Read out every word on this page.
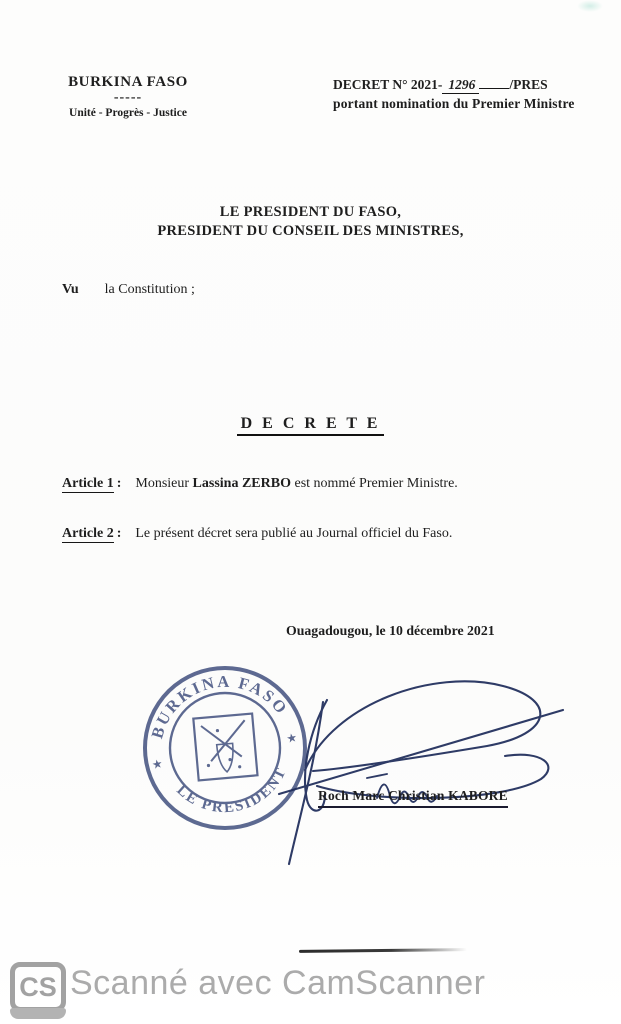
BURKINA FASO
-----
Unité - Progrès - Justice
DECRET N° 2021- 1296	/PRES
portant nomination du Premier Ministre
LE PRESIDENT DU FASO,
PRESIDENT DU CONSEIL DES MINISTRES,
Vu la Constitution ;
D E C R E T E
Article 1 : Monsieur Lassina ZERBO est nommé Premier Ministre.
Article 2 : Le présent décret sera publié au Journal officiel du Faso.
Ouagadougou, le 10 décembre 2021
BURKINA FASO
LE PRESIDENT
★
★
Roch Marc Christian KABORE
CS Scanné avec CamScanner
